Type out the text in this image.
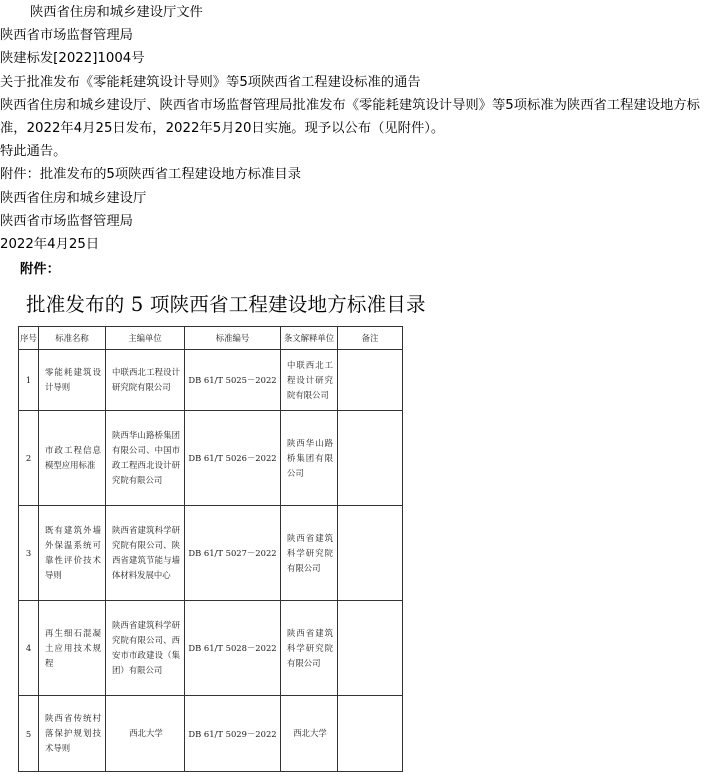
陕西省住房和城乡建设厅文件

陕西省市场监督管理局

陕建标发[2022]1004号

关于批准发布《零能耗建筑设计导则》等5项陕西省工程建设标准的通告

陕西省住房和城乡建设厅、陕西省市场监督管理局批准发布《零能耗建筑设计导则》等5项标准为陕西省工程建设地方标准，2022年4月25日发布，2022年5月20日实施。现予以公布（见附件）。

特此通告。

附件：批准发布的5项陕西省工程建设地方标准目录

陕西省住房和城乡建设厅

陕西省市场监督管理局

2022年4月25日

附件：
批准发布的 5 项陕西省工程建设地方标准目录
序号	标准名称	主编单位	标准编号	条文解释单位	备注
1	零能耗建筑设计导则	中联西北工程设计研究院有限公司	DB 61/T 5025－2022	中联西北工程设计研究院有限公司	
2	市政工程信息模型应用标准	陕西华山路桥集团有限公司、中国市政工程西北设计研究院有限公司	DB 61/T 5026－2022	陕西华山路桥集团有限公司	
3	既有建筑外墙外保温系统可靠性评价技术导则	陕西省建筑科学研究院有限公司、陕西省建筑节能与墙体材料发展中心	DB 61/T 5027－2022	陕西省建筑科学研究院有限公司	
4	再生细石混凝土应用技术规程	陕西省建筑科学研究院有限公司、西安市市政建设（集团）有限公司	DB 61/T 5028－2022	陕西省建筑科学研究院有限公司	
5	陕西省传统村落保护规划技术导则	西北大学	DB 61/T 5029－2022	西北大学	
